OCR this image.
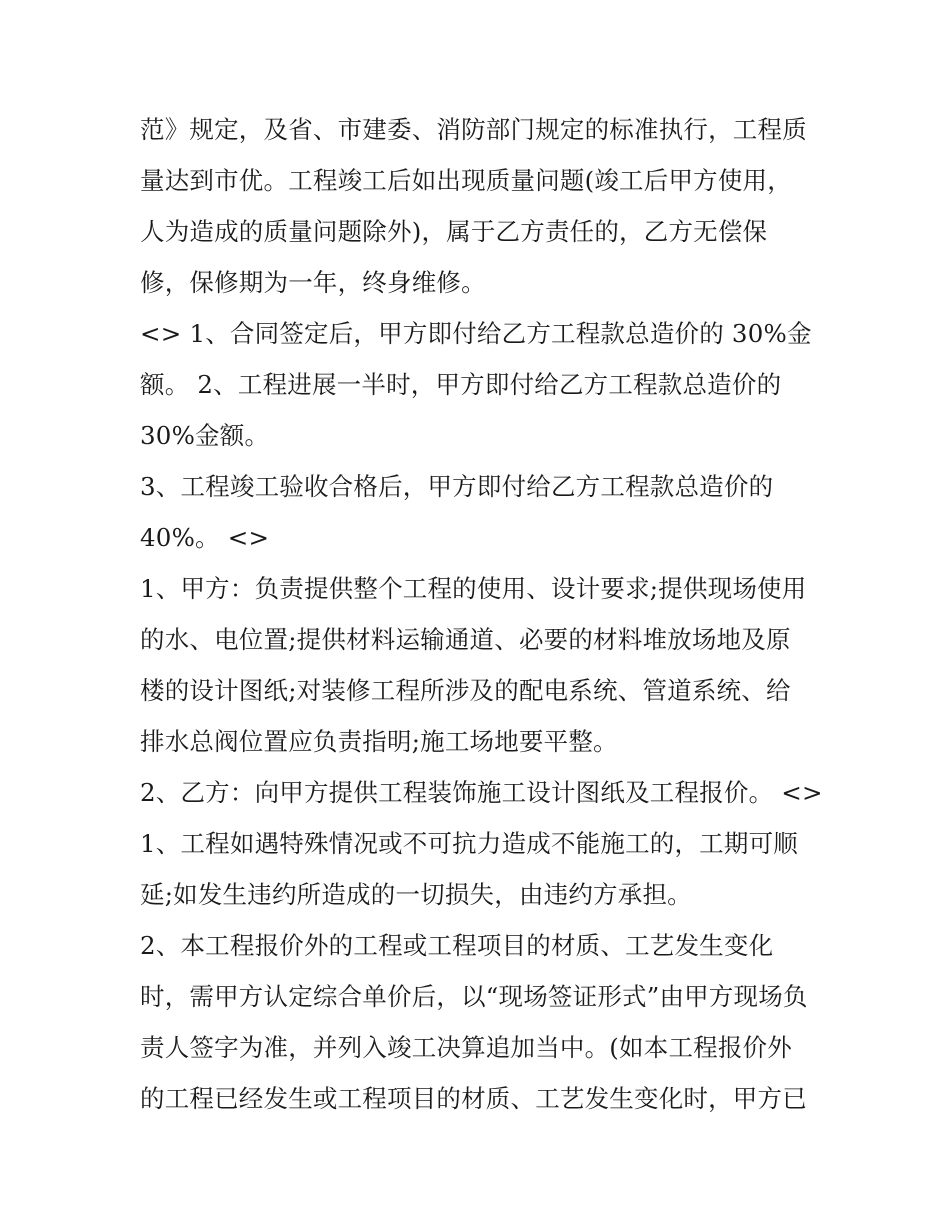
范》规定，及省、市建委、消防部门规定的标准执行，工程质
量达到市优。工程竣工后如出现质量问题(竣工后甲方使用，
人为造成的质量问题除外)，属于乙方责任的，乙方无偿保
修，保修期为一年，终身维修。
<> 1、合同签定后，甲方即付给乙方工程款总造价的 30%金
额。 2、工程进展一半时，甲方即付给乙方工程款总造价的
30%金额。
3、工程竣工验收合格后，甲方即付给乙方工程款总造价的
40%。 <>
1、甲方：负责提供整个工程的使用、设计要求;提供现场使用
的水、电位置;提供材料运输通道、必要的材料堆放场地及原
楼的设计图纸;对装修工程所涉及的配电系统、管道系统、给
排水总阀位置应负责指明;施工场地要平整。
2、乙方：向甲方提供工程装饰施工设计图纸及工程报价。 <>
1、工程如遇特殊情况或不可抗力造成不能施工的，工期可顺
延;如发生违约所造成的一切损失，由违约方承担。
2、本工程报价外的工程或工程项目的材质、工艺发生变化
时，需甲方认定综合单价后，以“现场签证形式”由甲方现场负
责人签字为准，并列入竣工决算追加当中。(如本工程报价外
的工程已经发生或工程项目的材质、工艺发生变化时，甲方已
